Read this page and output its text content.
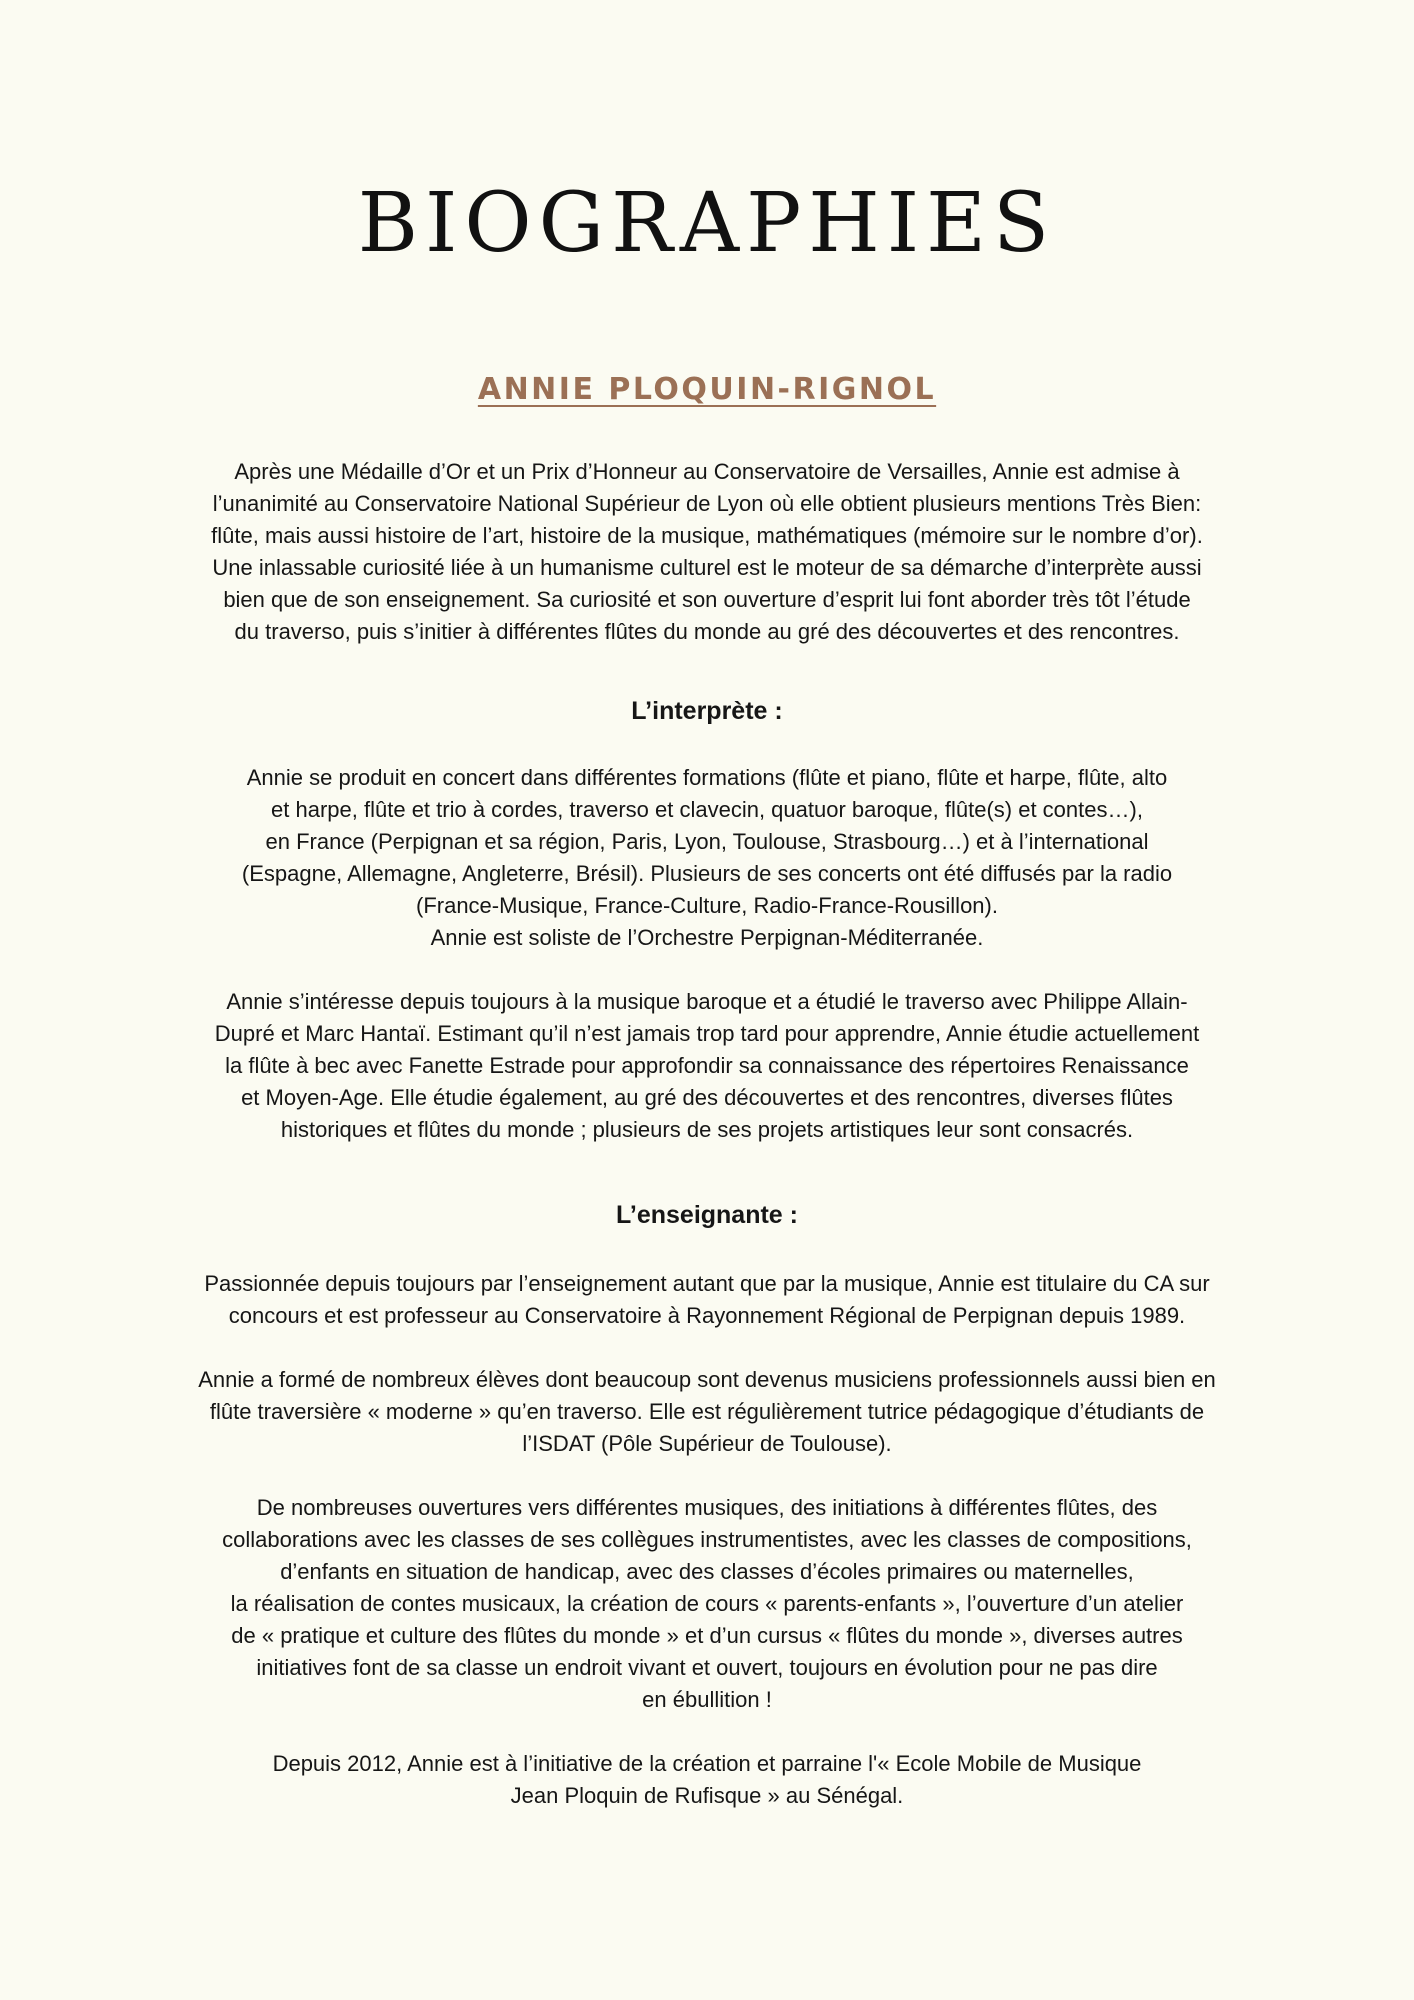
BIOGRAPHIES
ANNIE PLOQUIN-RIGNOL

Après une Médaille d’Or et un Prix d’Honneur au Conservatoire de Versailles, Annie est admise à
l’unanimité au Conservatoire National Supérieur de Lyon où elle obtient plusieurs mentions Très Bien:
flûte, mais aussi histoire de l’art, histoire de la musique, mathématiques (mémoire sur le nombre d’or).
Une inlassable curiosité liée à un humanisme culturel est le moteur de sa démarche d’interprète aussi
bien que de son enseignement. Sa curiosité et son ouverture d’esprit lui font aborder très tôt l’étude
du traverso, puis s’initier à différentes flûtes du monde au gré des découvertes et des rencontres.

L’interprète :

Annie se produit en concert dans différentes formations (flûte et piano, flûte et harpe, flûte, alto
et harpe, flûte et trio à cordes, traverso et clavecin, quatuor baroque, flûte(s) et contes…),
en France (Perpignan et sa région, Paris, Lyon, Toulouse, Strasbourg…) et à l’international
(Espagne, Allemagne, Angleterre, Brésil). Plusieurs de ses concerts ont été diffusés par la radio
(France-Musique, France-Culture, Radio-France-Rousillon).
Annie est soliste de l’Orchestre Perpignan-Méditerranée.

Annie s’intéresse depuis toujours à la musique baroque et a étudié le traverso avec Philippe Allain-
Dupré et Marc Hantaï. Estimant qu’il n’est jamais trop tard pour apprendre, Annie étudie actuellement
la flûte à bec avec Fanette Estrade pour approfondir sa connaissance des répertoires Renaissance
et Moyen-Age. Elle étudie également, au gré des découvertes et des rencontres, diverses flûtes
historiques et flûtes du monde ; plusieurs de ses projets artistiques leur sont consacrés.

L’enseignante :

Passionnée depuis toujours par l’enseignement autant que par la musique, Annie est titulaire du CA sur
concours et est professeur au Conservatoire à Rayonnement Régional de Perpignan depuis 1989.

Annie a formé de nombreux élèves dont beaucoup sont devenus musiciens professionnels aussi bien en
flûte traversière « moderne » qu’en traverso. Elle est régulièrement tutrice pédagogique d’étudiants de
l’ISDAT (Pôle Supérieur de Toulouse).

De nombreuses ouvertures vers différentes musiques, des initiations à différentes flûtes, des
collaborations avec les classes de ses collègues instrumentistes, avec les classes de compositions,
d’enfants en situation de handicap, avec des classes d’écoles primaires ou maternelles,
la réalisation de contes musicaux, la création de cours « parents-enfants », l’ouverture d’un atelier
de « pratique et culture des flûtes du monde » et d’un cursus « flûtes du monde », diverses autres
initiatives font de sa classe un endroit vivant et ouvert, toujours en évolution pour ne pas dire
en ébullition !

Depuis 2012, Annie est à l’initiative de la création et parraine l'« Ecole Mobile de Musique
Jean Ploquin de Rufisque » au Sénégal.
